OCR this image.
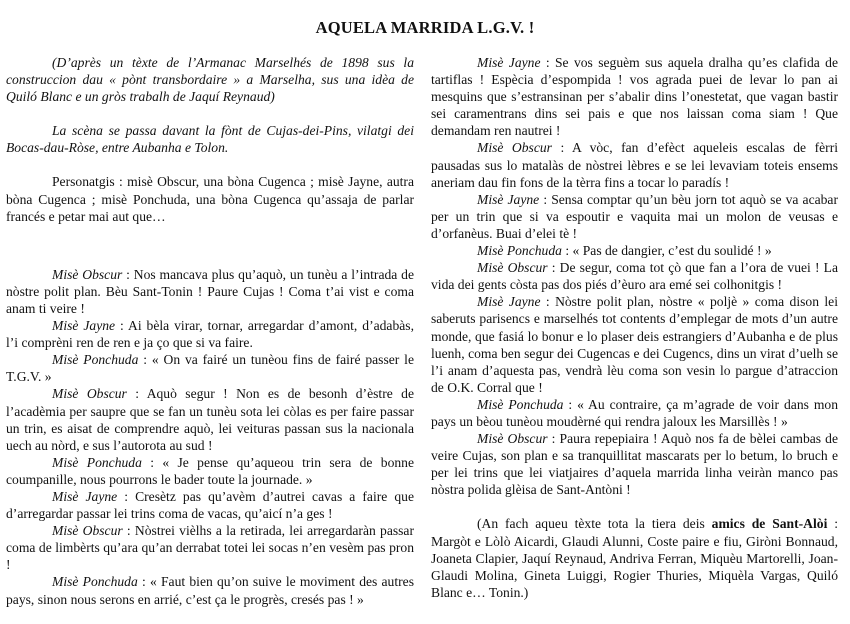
AQUELA MARRIDA L.G.V. !

(D’après un tèxte de l’Armanac Marselhés de 1898 sus la construccion dau « pònt transbordaire » a Marselha, sus una idèa de Quiló Blanc e un gròs trabalh de Jaquí Reynaud)

La scèna se passa davant la fònt de Cujas-dei-Pins, vilatgi dei Bocas-dau-Ròse, entre Aubanha e Tolon.

Personatgis : misè Obscur, una bòna Cugenca ; misè Jayne, autra bòna Cugenca ; misè Ponchuda, una bòna Cugenca qu’assaja de parlar francés e petar mai aut que…

Misè Obscur : Nos mancava plus qu’aquò, un tunèu a l’intrada de nòstre polit plan. Bèu Sant-Tonin ! Paure Cujas ! Coma t’ai vist e coma anam ti veire !

Misè Jayne : Ai bèla virar, tornar, arregardar d’amont, d’adabàs, l’i comprèni ren de ren e ja ço que si va faire.

Misè Ponchuda : « On va fairé un tunèou fins de fairé passer le T.G.V. »

Misè Obscur : Aquò segur ! Non es de besonh d’èstre de l’acadèmia per saupre que se fan un tunèu sota lei còlas es per faire passar un trin, es aisat de comprendre aquò, lei veituras passan sus la nacionala uech au nòrd, e sus l’autorota au sud !

Misè Ponchuda : « Je pense qu’aqueou trin sera de bonne coumpanille, nous pourrons le bader toute la journade. »

Misè Jayne : Cresètz pas qu’avèm d’autrei cavas a faire que d’arregardar passar lei trins coma de vacas, qu’aicí n’a ges !

Misè Obscur : Nòstrei vièlhs a la retirada, lei arregardaràn passar coma de limbèrts qu’ara qu’an derrabat totei lei socas n’en vesèm pas pron !

Misè Ponchuda : « Faut bien qu’on suive le moviment des autres pays, sinon nous serons en arrié, c’est ça le progrès, cresés pas ! »

Misè Jayne : Se vos seguèm sus aquela dralha qu’es clafida de tartiflas ! Espècia d’espompida ! vos agrada puei de levar lo pan ai mesquins que s’estransinan per s’abalir dins l’onestetat, que vagan bastir sei caramentrans dins sei pais e que nos laissan coma siam ! Que demandam ren nautrei !

Misè Obscur : A vòc, fan d’efèct aqueleis escalas de fèrri pausadas sus lo matalàs de nòstrei lèbres e se lei levaviam toteis ensems aneriam dau fin fons de la tèrra fins a tocar lo paradís !

Misè Jayne : Sensa comptar qu’un bèu jorn tot aquò se va acabar per un trin que si va espoutir e vaquita mai un molon de veusas e d’orfanèus. Buai d’elei tè !

Misè Ponchuda : « Pas de dangier, c’est du soulidé ! »

Misè Obscur : De segur, coma tot çò que fan a l’ora de vuei ! La vida dei gents còsta pas dos piés d’èuro ara emé sei colhonitgis !

Misè Jayne : Nòstre polit plan, nòstre « poljè » coma dison lei saberuts parisencs e marselhés tot contents d’emplegar de mots d’un autre monde, que fasiá lo bonur e lo plaser deis estrangiers d’Aubanha e de plus luenh, coma ben segur dei Cugencas e dei Cugencs, dins un virat d’uelh se l’i anam d’aquesta pas, vendrà lèu coma son vesin lo pargue d’atraccion de O.K. Corral que !

Misè Ponchuda : « Au contraire, ça m’agrade de voir dans mon pays un bèou tunèou moudèrné qui rendra jaloux les Marsillès ! »

Misè Obscur : Paura repepiaira ! Aquò nos fa de bèlei cambas de veire Cujas, son plan e sa tranquillitat mascarats per lo betum, lo bruch e per lei trins que lei viatjaires d’aquela marrida linha veiràn manco pas nòstra polida glèisa de Sant-Antòni !

(An fach aqueu tèxte tota la tiera deis amics de Sant-Alòi : Margòt e Lòlò Aicardi, Glaudi Alunni, Coste paire e fiu, Giròni Bonnaud, Joaneta Clapier, Jaquí Reynaud, Andriva Ferran, Miquèu Martorelli, Joan-Glaudi Molina, Gineta Luiggi, Rogier Thuries, Miquèla Vargas, Quiló Blanc e… Tonin.)
